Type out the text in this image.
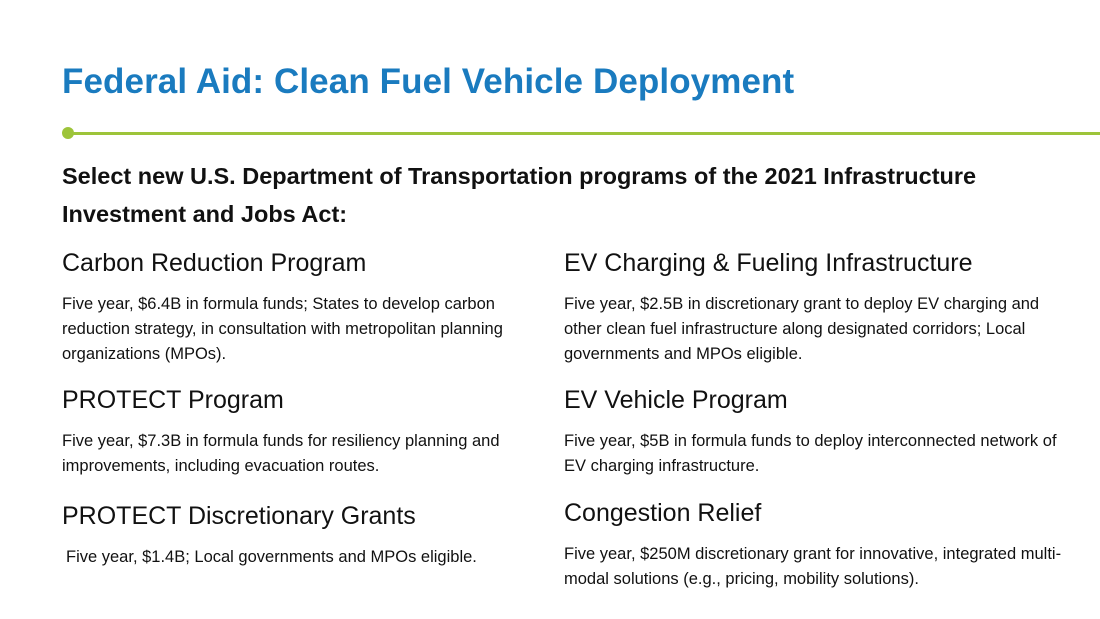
Federal Aid: Clean Fuel Vehicle Deployment
Select new U.S. Department of Transportation programs of the 2021 Infrastructure Investment and Jobs Act:
Carbon Reduction Program
Five year, $6.4B in formula funds; States to develop carbon reduction strategy, in consultation with metropolitan planning organizations (MPOs).
PROTECT Program
Five year, $7.3B in formula funds for resiliency planning and improvements, including evacuation routes.
PROTECT Discretionary Grants
Five year, $1.4B; Local governments and MPOs eligible.
EV Charging & Fueling Infrastructure
Five year, $2.5B in discretionary grant to deploy EV charging and other clean fuel infrastructure along designated corridors; Local governments and MPOs eligible.
EV Vehicle Program
Five year, $5B in formula funds to deploy interconnected network of EV charging infrastructure.
Congestion Relief
Five year, $250M discretionary grant for innovative, integrated multi-modal solutions (e.g., pricing, mobility solutions).
